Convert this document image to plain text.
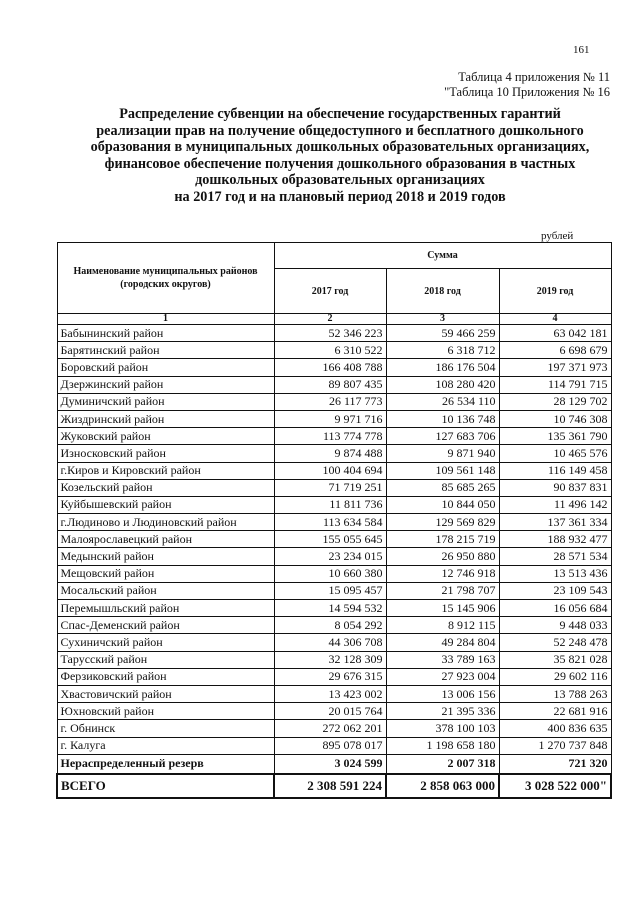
161
Таблица 4 приложения № 11
"Таблица 10 Приложения № 16
Распределение субвенции на обеспечение государственных гарантий
реализации прав на получение общедоступного и бесплатного дошкольного
образования в муниципальных дошкольных образовательных организациях,
финансовое обеспечение получения дошкольного образования в частных
дошкольных образовательных организациях
на 2017 год и на плановый период 2018 и 2019 годов
рублей
Наименование муниципальных районов (городских округов)	Сумма		
	2017 год	2018 год	2019 год
1	2	3	4
Бабынинский район	52 346 223	59 466 259	63 042 181
Барятинский район	6 310 522	6 318 712	6 698 679
Боровский район	166 408 788	186 176 504	197 371 973
Дзержинский район	89 807 435	108 280 420	114 791 715
Думиничский район	26 117 773	26 534 110	28 129 702
Жиздринский район	9 971 716	10 136 748	10 746 308
Жуковский район	113 774 778	127 683 706	135 361 790
Износковский район	9 874 488	9 871 940	10 465 576
г.Киров и Кировский район	100 404 694	109 561 148	116 149 458
Козельский район	71 719 251	85 685 265	90 837 831
Куйбышевский район	11 811 736	10 844 050	11 496 142
г.Людиново и Людиновский район	113 634 584	129 569 829	137 361 334
Малоярославецкий район	155 055 645	178 215 719	188 932 477
Медынский район	23 234 015	26 950 880	28 571 534
Мещовский район	10 660 380	12 746 918	13 513 436
Мосальский район	15 095 457	21 798 707	23 109 543
Перемышльский район	14 594 532	15 145 906	16 056 684
Спас-Деменский район	8 054 292	8 912 115	9 448 033
Сухиничский район	44 306 708	49 284 804	52 248 478
Тарусский район	32 128 309	33 789 163	35 821 028
Ферзиковский район	29 676 315	27 923 004	29 602 116
Хвастовичский район	13 423 002	13 006 156	13 788 263
Юхновский район	20 015 764	21 395 336	22 681 916
г. Обнинск	272 062 201	378 100 103	400 836 635
г. Калуга	895 078 017	1 198 658 180	1 270 737 848
Нераспределенный резерв	3 024 599	2 007 318	721 320
ВСЕГО	2 308 591 224	2 858 063 000	3 028 522 000"
